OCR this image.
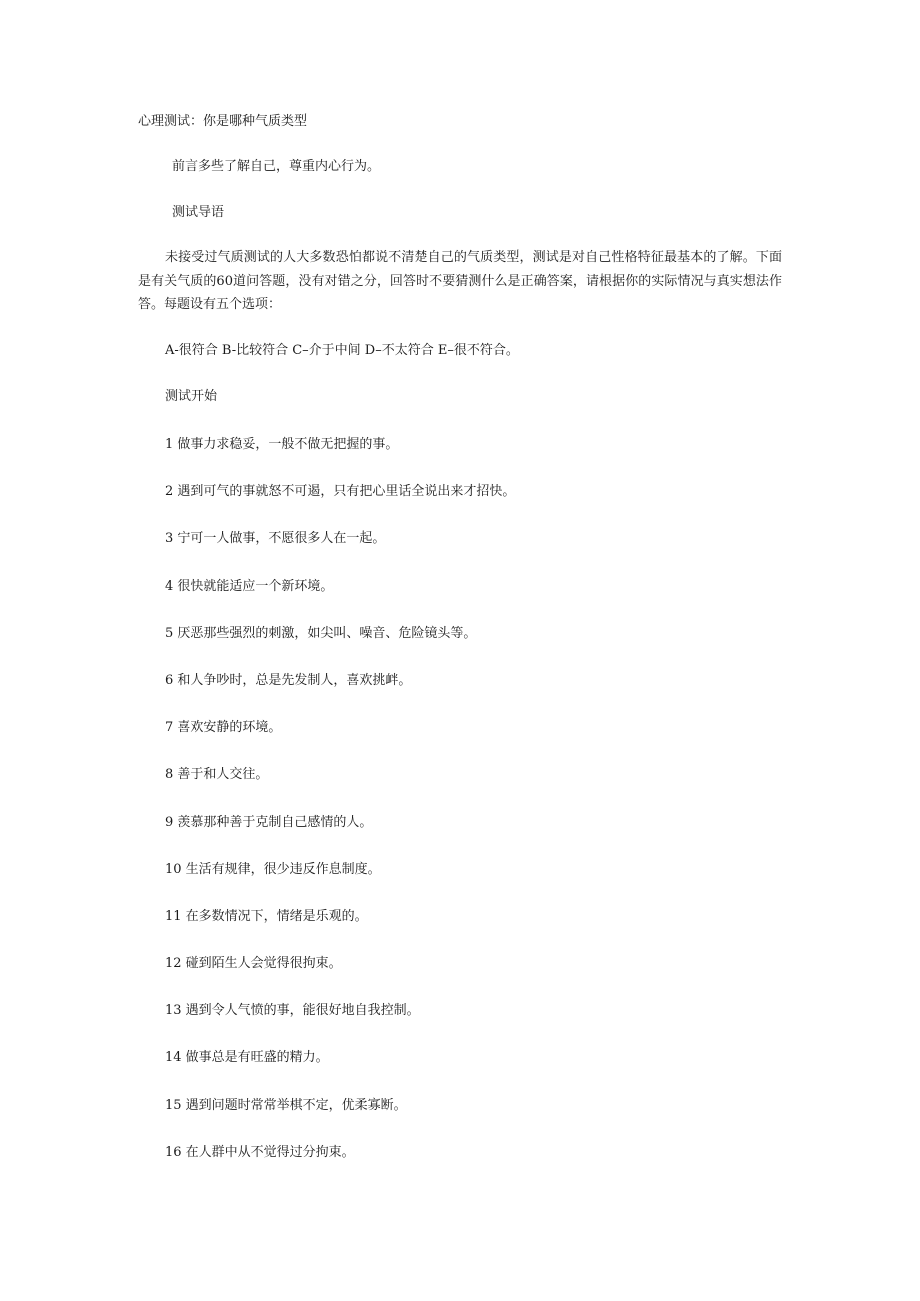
心理测试：你是哪种气质类型

前言多些了解自己，尊重内心行为。

测试导语

未接受过气质测试的人大多数恐怕都说不清楚自己的气质类型，测试是对自己性格特征最基本的了解。下面是有关气质的60道问答题，没有对错之分，回答时不要猜测什么是正确答案，请根据你的实际情况与真实想法作答。每题设有五个选项：

A-很符合 B-比较符合 C–介于中间 D–不太符合 E–很不符合。

测试开始

1 做事力求稳妥，一般不做无把握的事。
2 遇到可气的事就怒不可遏，只有把心里话全说出来才招快。
3 宁可一人做事，不愿很多人在一起。
4 很快就能适应一个新环境。
5 厌恶那些强烈的刺激，如尖叫、噪音、危险镜头等。
6 和人争吵时，总是先发制人，喜欢挑衅。
7 喜欢安静的环境。
8 善于和人交往。
9 羡慕那种善于克制自己感情的人。
10 生活有规律，很少违反作息制度。
11 在多数情况下，情绪是乐观的。
12 碰到陌生人会觉得很拘束。
13 遇到令人气愤的事，能很好地自我控制。
14 做事总是有旺盛的精力。
15 遇到问题时常常举棋不定，优柔寡断。
16 在人群中从不觉得过分拘束。
